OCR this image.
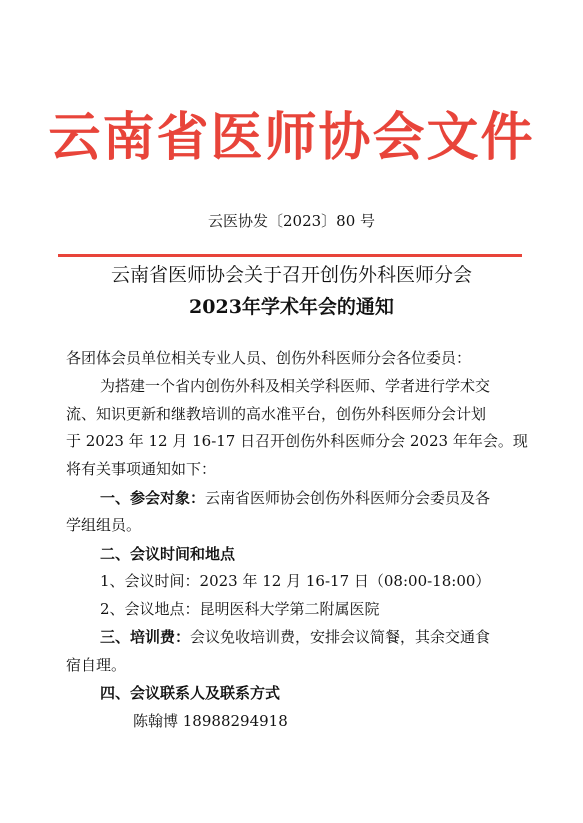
云南省医师协会文件
云医协发〔2023〕80 号
云南省医师协会关于召开创伤外科医师分会
2023年学术年会的通知
各团体会员单位相关专业人员、创伤外科医师分会各位委员：
为搭建一个省内创伤外科及相关学科医师、学者进行学术交
流、知识更新和继教培训的高水准平台，创伤外科医师分会计划
于 2023 年 12 月 16-17 日召开创伤外科医师分会 2023 年年会。现
将有关事项通知如下：
一、参会对象：云南省医师协会创伤外科医师分会委员及各
学组组员。
二、会议时间和地点
1、会议时间：2023 年 12 月 16-17 日（08:00-18:00）
2、会议地点：昆明医科大学第二附属医院
三、培训费：会议免收培训费，安排会议简餐，其余交通食
宿自理。
四、会议联系人及联系方式
陈翰博 18988294918
